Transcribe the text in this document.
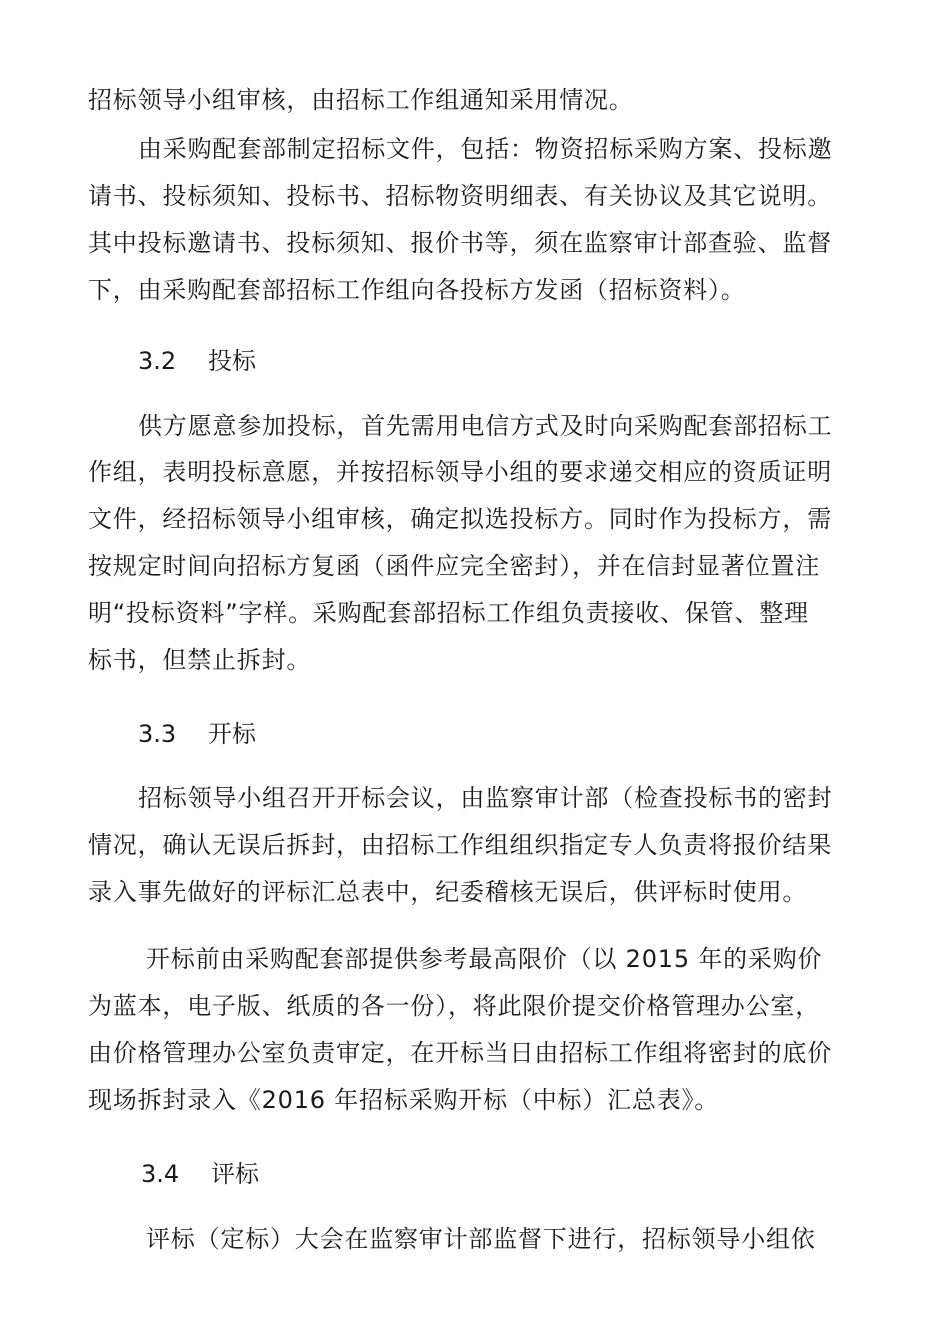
招标领导小组审核，由招标工作组通知采用情况。
由采购配套部制定招标文件，包括：物资招标采购方案、投标邀
请书、投标须知、投标书、招标物资明细表、有关协议及其它说明。
其中投标邀请书、投标须知、报价书等，须在监察审计部查验、监督
下，由采购配套部招标工作组向各投标方发函（招标资料）。
3.2 投标
供方愿意参加投标，首先需用电信方式及时向采购配套部招标工
作组，表明投标意愿，并按招标领导小组的要求递交相应的资质证明
文件，经招标领导小组审核，确定拟选投标方。同时作为投标方，需
按规定时间向招标方复函（函件应完全密封），并在信封显著位置注
明“投标资料”字样。采购配套部招标工作组负责接收、保管、整理
标书，但禁止拆封。
3.3 开标
招标领导小组召开开标会议，由监察审计部（检查投标书的密封
情况，确认无误后拆封，由招标工作组组织指定专人负责将报价结果
录入事先做好的评标汇总表中，纪委稽核无误后，供评标时使用。
开标前由采购配套部提供参考最高限价（以 2015 年的采购价
为蓝本，电子版、纸质的各一份），将此限价提交价格管理办公室，
由价格管理办公室负责审定，在开标当日由招标工作组将密封的底价
现场拆封录入《2016 年招标采购开标（中标）汇总表》。
3.4 评标
评标（定标）大会在监察审计部监督下进行，招标领导小组依
